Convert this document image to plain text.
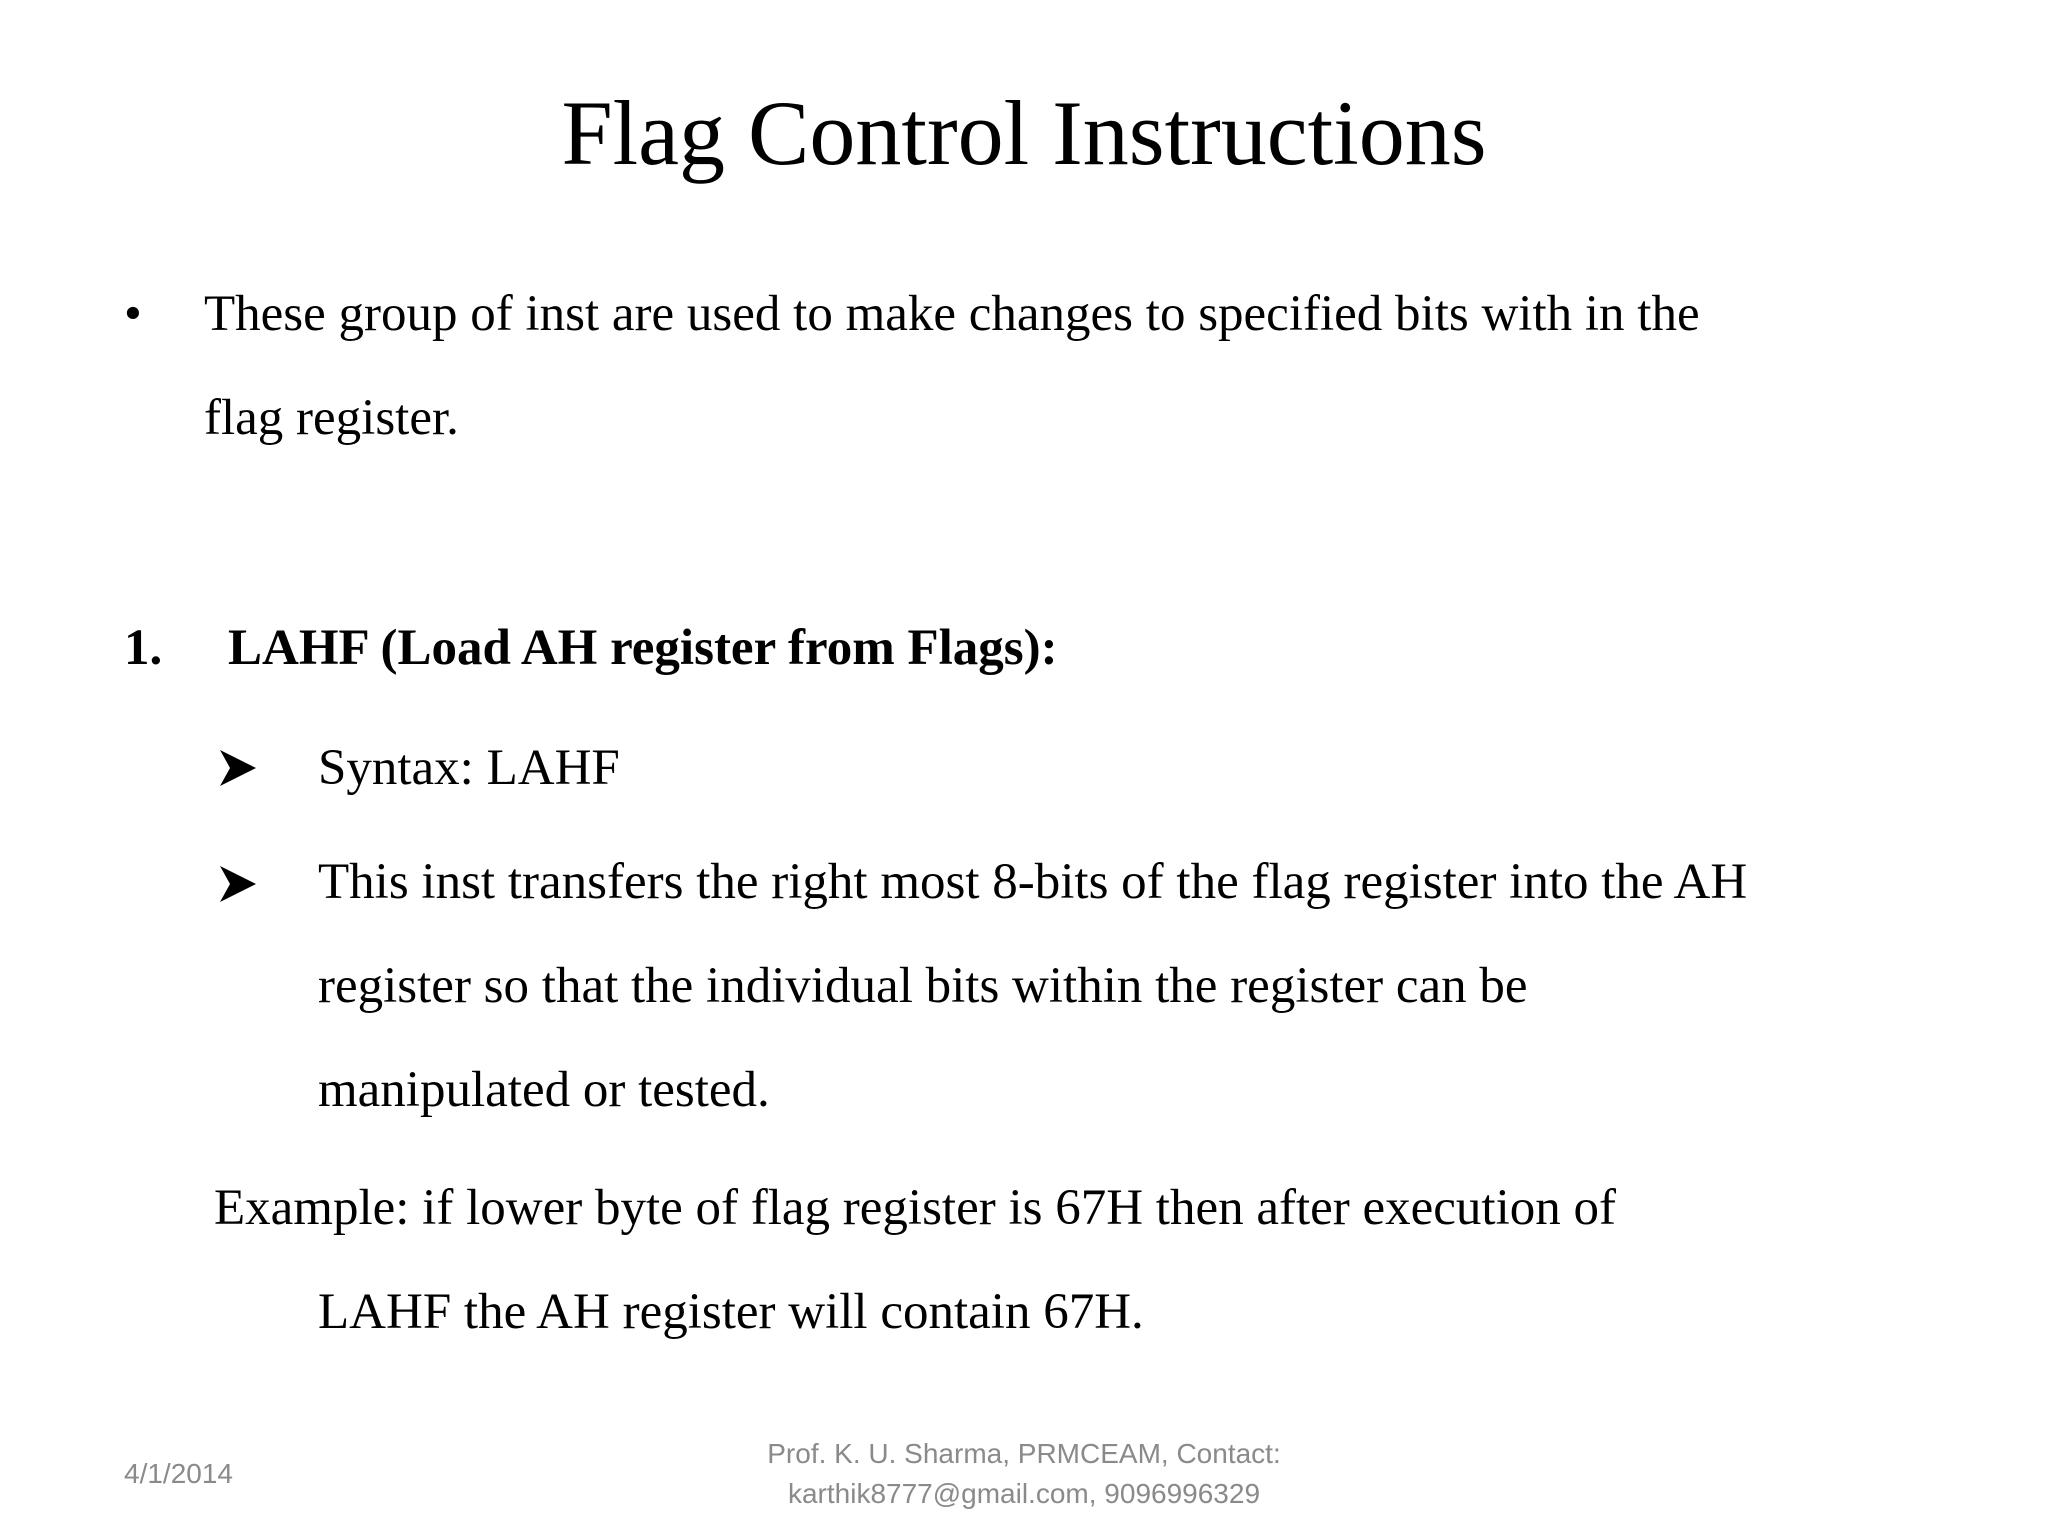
Flag Control Instructions
• These group of inst are used to make changes to specified bits with in the
flag register.
1. LAHF (Load AH register from Flags):
Syntax: LAHF
This inst transfers the right most 8-bits of the flag register into the AH
register so that the individual bits within the register can be
manipulated or tested.
Example: if lower byte of flag register is 67H then after execution of
LAHF the AH register will contain 67H.
4/1/2014
Prof. K. U. Sharma, PRMCEAM, Contact:
karthik8777@gmail.com, 9096996329
